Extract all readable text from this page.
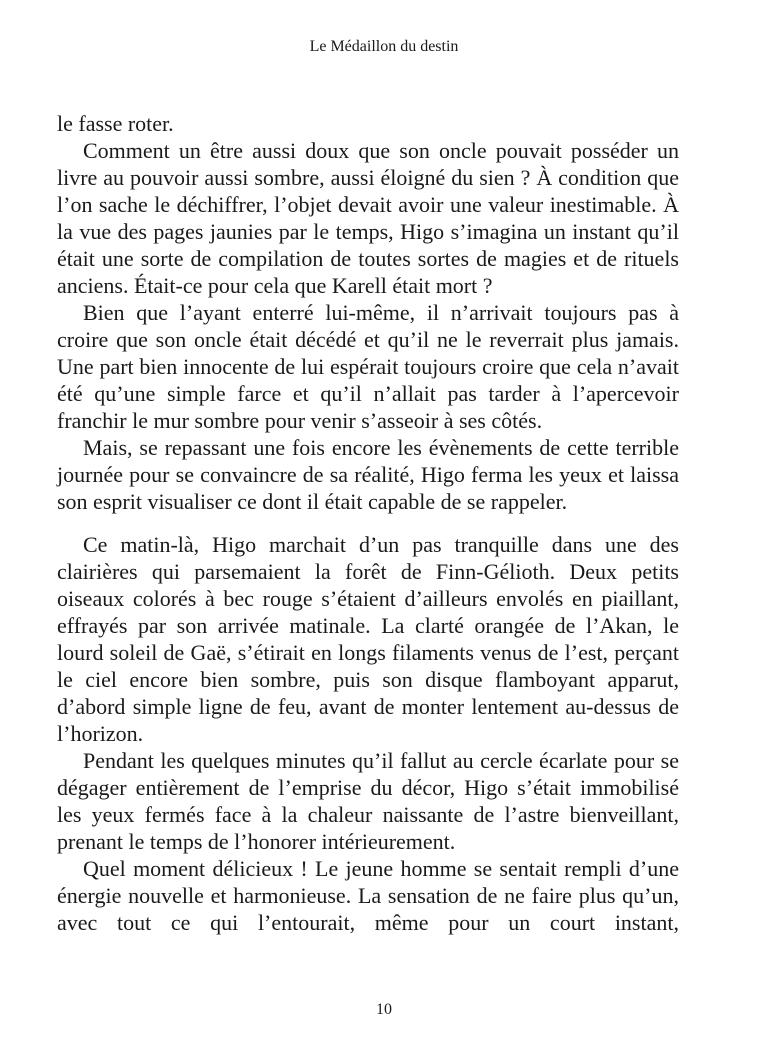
Le Médaillon du destin

le fasse roter.

Comment un être aussi doux que son oncle pouvait posséder un livre au pouvoir aussi sombre, aussi éloigné du sien ? À condition que l’on sache le déchiffrer, l’objet devait avoir une valeur inestimable. À la vue des pages jaunies par le temps, Higo s’imagina un instant qu’il était une sorte de compilation de toutes sortes de magies et de rituels anciens. Était-ce pour cela que Karell était mort ?

Bien que l’ayant enterré lui-même, il n’arrivait toujours pas à croire que son oncle était décédé et qu’il ne le reverrait plus jamais. Une part bien innocente de lui espérait toujours croire que cela n’avait été qu’une simple farce et qu’il n’allait pas tarder à l’apercevoir franchir le mur sombre pour venir s’asseoir à ses côtés.

Mais, se repassant une fois encore les évènements de cette terrible journée pour se convaincre de sa réalité, Higo ferma les yeux et laissa son esprit visualiser ce dont il était capable de se rappeler.

Ce matin-là, Higo marchait d’un pas tranquille dans une des clairières qui parsemaient la forêt de Finn-Gélioth. Deux petits oiseaux colorés à bec rouge s’étaient d’ailleurs envolés en piaillant, effrayés par son arrivée matinale. La clarté orangée de l’Akan, le lourd soleil de Gaë, s’étirait en longs filaments venus de l’est, perçant le ciel encore bien sombre, puis son disque flamboyant apparut, d’abord simple ligne de feu, avant de monter lentement au-dessus de l’horizon.

Pendant les quelques minutes qu’il fallut au cercle écarlate pour se dégager entièrement de l’emprise du décor, Higo s’était immobilisé les yeux fermés face à la chaleur naissante de l’astre bienveillant, prenant le temps de l’honorer intérieurement.

Quel moment délicieux ! Le jeune homme se sentait rempli d’une énergie nouvelle et harmonieuse. La sensation de ne faire plus qu’un, avec tout ce qui l’entourait, même pour un court instant,

10
